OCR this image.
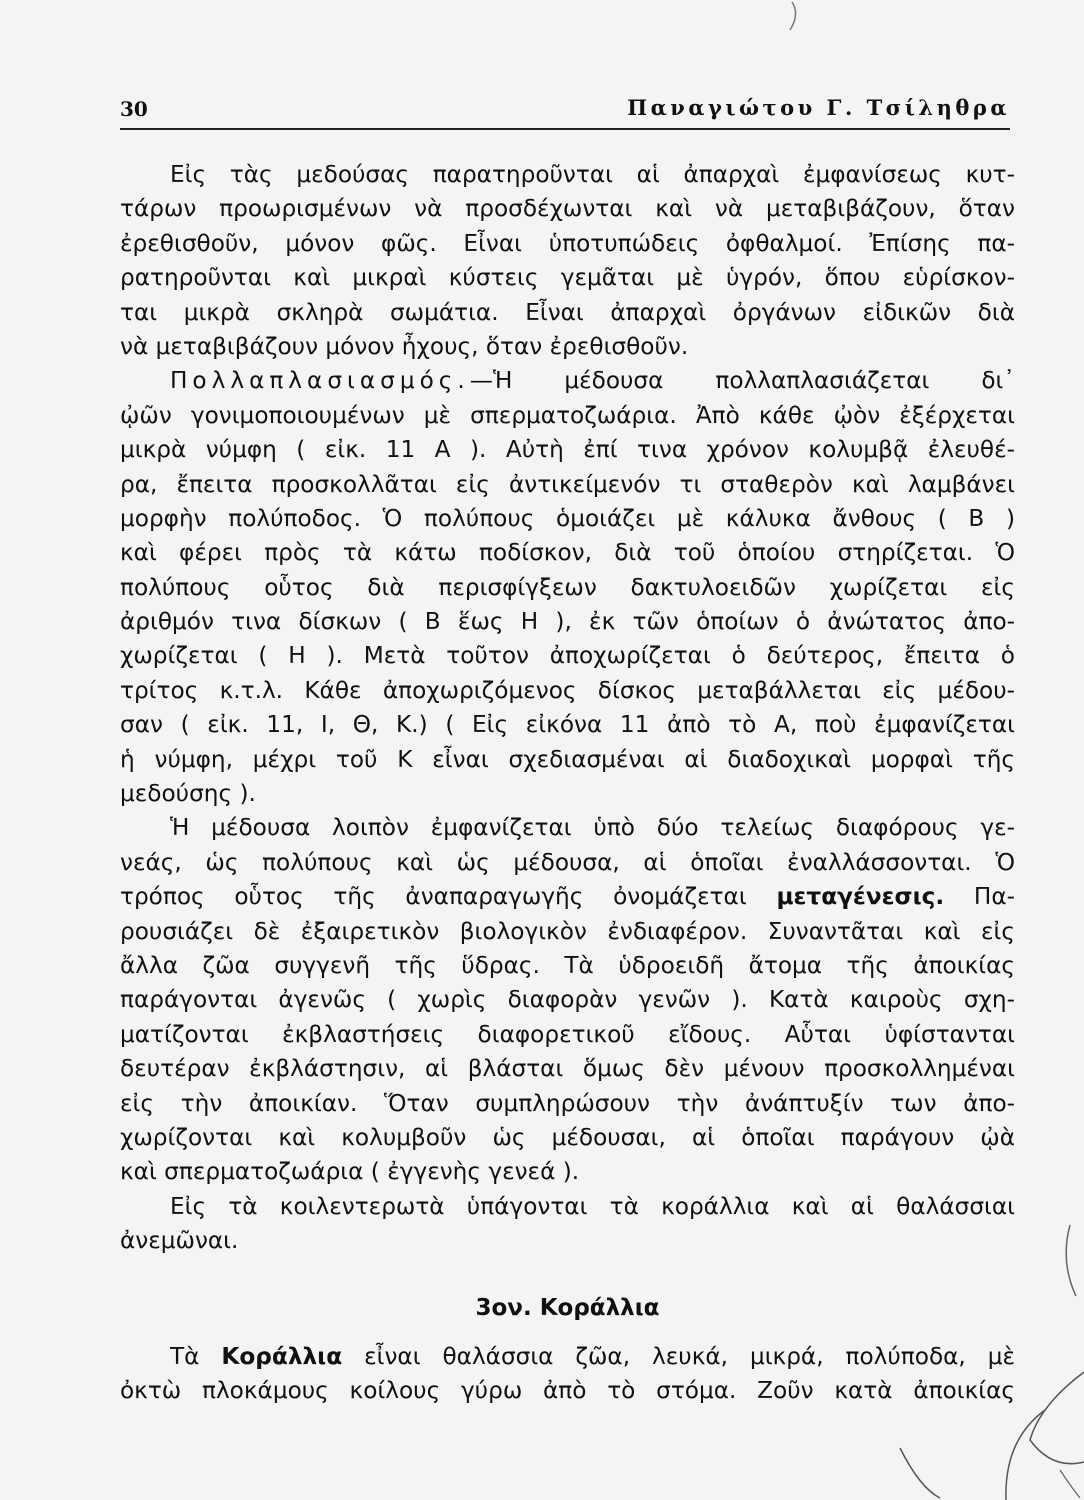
30	Παναγιώτου Γ. Τσίληθρα
Εἰς τὰς μεδούσας παρατηροῦνται αἱ ἀπαρχαὶ ἐμφανίσεως κυτ-
τάρων προωρισμένων νὰ προσδέχωνται καὶ νὰ μεταβιβάζουν, ὅταν
ἐρεθισθοῦν, μόνον φῶς. Εἶναι ὑποτυπώδεις ὀφθαλμοί. Ἐπίσης πα-
ρατηροῦνται καὶ μικραὶ κύστεις γεμᾶται μὲ ὑγρόν, ὅπου εὑρίσκον-
ται μικρὰ σκληρὰ σωμάτια. Εἶναι ἀπαρχαὶ ὀργάνων εἰδικῶν διὰ
νὰ μεταβιβάζουν μόνον ἦχους, ὅταν ἐρεθισθοῦν.
Πολλαπλασιασμός.—Ἡ μέδουσα πολλαπλασιάζεται δι᾽
ᾠῶν γονιμοποιουμένων μὲ σπερματοζωάρια. Ἀπὸ κάθε ᾠὸν ἐξέρχεται
μικρὰ νύμφη ( εἰκ. 11 Α ). Αὐτὴ ἐπί τινα χρόνον κολυμβᾷ ἐλευθέ-
ρα, ἔπειτα προσκολλᾶται εἰς ἀντικείμενόν τι σταθερὸν καὶ λαμβάνει
μορφὴν πολύποδος. Ὁ πολύπους ὁμοιάζει μὲ κάλυκα ἄνθους ( Β )
καὶ φέρει πρὸς τὰ κάτω ποδίσκον, διὰ τοῦ ὁποίου στηρίζεται. Ὁ
πολύπους οὗτος διὰ περισφίγξεων δακτυλοειδῶν χωρίζεται εἰς
ἀριθμόν τινα δίσκων ( Β ἕως Η ), ἐκ τῶν ὁποίων ὁ ἀνώτατος ἀπο-
χωρίζεται ( Η ). Μετὰ τοῦτον ἀποχωρίζεται ὁ δεύτερος, ἔπειτα ὁ
τρίτος κ.τ.λ. Κάθε ἀποχωριζόμενος δίσκος μεταβάλλεται εἰς μέδου-
σαν ( εἰκ. 11, Ι, Θ, Κ.) ( Εἰς εἰκόνα 11 ἀπὸ τὸ Α, ποὺ ἐμφανίζεται
ἡ νύμφη, μέχρι τοῦ Κ εἶναι σχεδιασμέναι αἱ διαδοχικαὶ μορφαὶ τῆς
μεδούσης ).
Ἡ μέδουσα λοιπὸν ἐμφανίζεται ὑπὸ δύο τελείως διαφόρους γε-
νεάς, ὡς πολύπους καὶ ὡς μέδουσα, αἱ ὁποῖαι ἐναλλάσσονται. Ὁ
τρόπος οὗτος τῆς ἀναπαραγωγῆς ὀνομάζεται μεταγένεσις. Πα-
ρουσιάζει δὲ ἐξαιρετικὸν βιολογικὸν ἐνδιαφέρον. Συναντᾶται καὶ εἰς
ἄλλα ζῶα συγγενῆ τῆς ὕδρας. Τὰ ὑδροειδῆ ἄτομα τῆς ἀποικίας
παράγονται ἀγενῶς ( χωρὶς διαφορὰν γενῶν ). Κατὰ καιροὺς σχη-
ματίζονται ἐκβλαστήσεις διαφορετικοῦ εἴδους. Αὗται ὑφίστανται
δευτέραν ἐκβλάστησιν, αἱ βλάσται ὅμως δὲν μένουν προσκολλημέναι
εἰς τὴν ἀποικίαν. Ὅταν συμπληρώσουν τὴν ἀνάπτυξίν των ἀπο-
χωρίζονται καὶ κολυμβοῦν ὡς μέδουσαι, αἱ ὁποῖαι παράγουν ᾠὰ
καὶ σπερματοζωάρια ( ἐγγενὴς γενεά ).
Εἰς τὰ κοιλεντερωτὰ ὑπάγονται τὰ κοράλλια καὶ αἱ θαλάσσιαι
ἀνεμῶναι.
3ον. Κοράλλια
Τὰ Κοράλλια εἶναι θαλάσσια ζῶα, λευκά, μικρά, πολύποδα, μὲ
ὀκτὼ πλοκάμους κοίλους γύρω ἀπὸ τὸ στόμα. Ζοῦν κατὰ ἀποικίας
